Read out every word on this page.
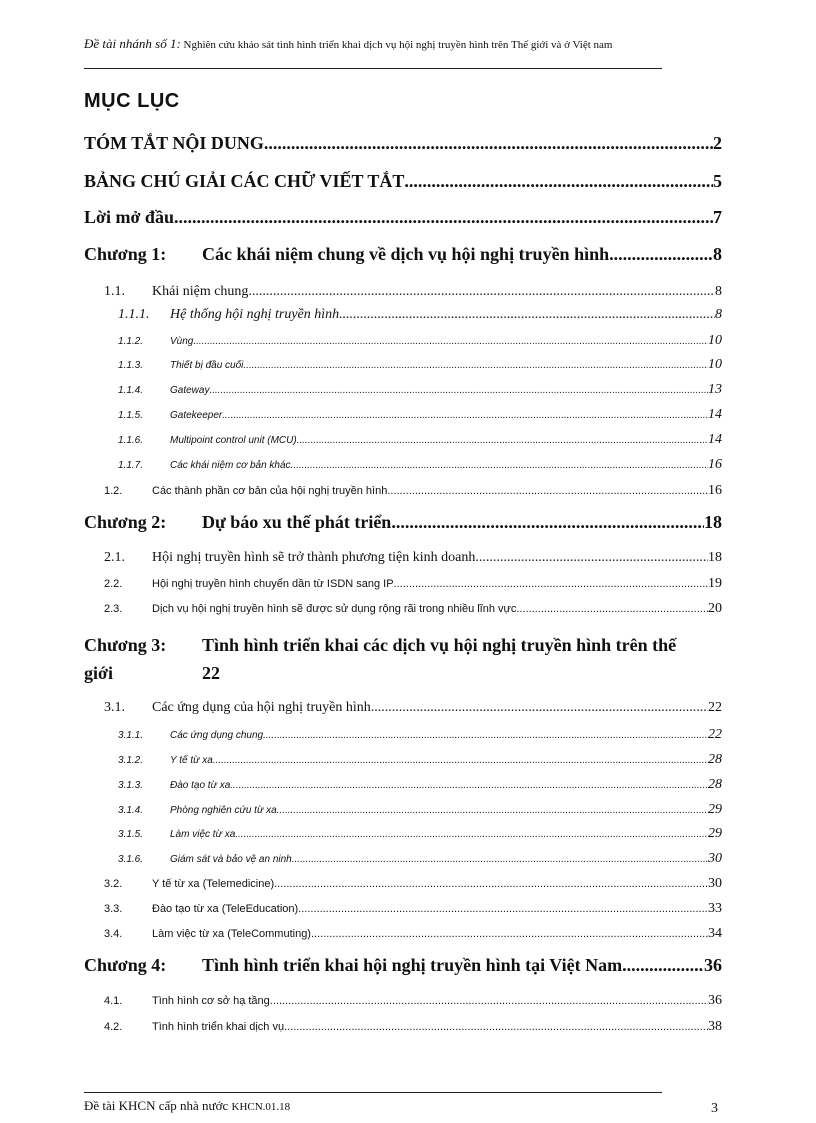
Đề tài nhánh số 1: Nghiên cứu khảo sát tình hình triển khai dịch vụ hội nghị truyền hình trên Thế giới và ở Việt nam
MỤC LỤC
TÓM TẮT NỘI DUNG .....	2
BẢNG CHÚ GIẢI CÁC CHỮ VIẾT TẮT .....	5
Lời mở đầu .....	7
Chương 1:	Các khái niệm chung về dịch vụ hội nghị truyền hình .....	8
1.1.	Khái niệm chung .....	8
1.1.1.	Hệ thống hội nghị truyền hình .....	8
1.1.2.	Vùng .....	10
1.1.3.	Thiết bị đầu cuối .....	10
1.1.4.	Gateway .....	13
1.1.5.	Gatekeeper .....	14
1.1.6.	Multipoint control unit (MCU) .....	14
1.1.7.	Các khái niệm cơ bản khác .....	16
1.2.	Các thành phần cơ bản của hội nghị truyền hình .....	16
Chương 2:	Dự báo xu thế phát triển .....	18
2.1.	Hội nghị truyền hình sẽ trở thành phương tiện kinh doanh .....	18
2.2.	Hội nghị truyền hình chuyển dần từ ISDN sang IP .....	19
2.3.	Dịch vụ hội nghị truyền hình sẽ được sử dụng rộng rãi trong nhiều lĩnh vực .....	20
Chương 3: Tình hình triển khai các dịch vụ hội nghị truyền hình trên thế
giới	22
3.1.	Các ứng dụng của hội nghị truyền hình .....	22
3.1.1.	Các ứng dụng chung .....	22
3.1.2.	Y tế từ xa .....	28
3.1.3.	Đào tạo từ xa .....	28
3.1.4.	Phòng nghiên cứu từ xa .....	29
3.1.5.	Làm việc từ xa .....	29
3.1.6.	Giám sát và bảo vệ an ninh .....	30
3.2.	Y tế từ xa (Telemedicine) .....	30
3.3.	Đào tạo từ xa (TeleEducation) .....	33
3.4.	Làm việc từ xa (TeleCommuting) .....	34
Chương 4:	Tình hình triển khai hội nghị truyền hình tại Việt Nam .....	36
4.1.	Tình hình cơ sở hạ tầng .....	36
4.2.	Tình hình triển khai dịch vụ. .....	38
Đề tài KHCN cấp nhà nước KHCN.01.18	3
